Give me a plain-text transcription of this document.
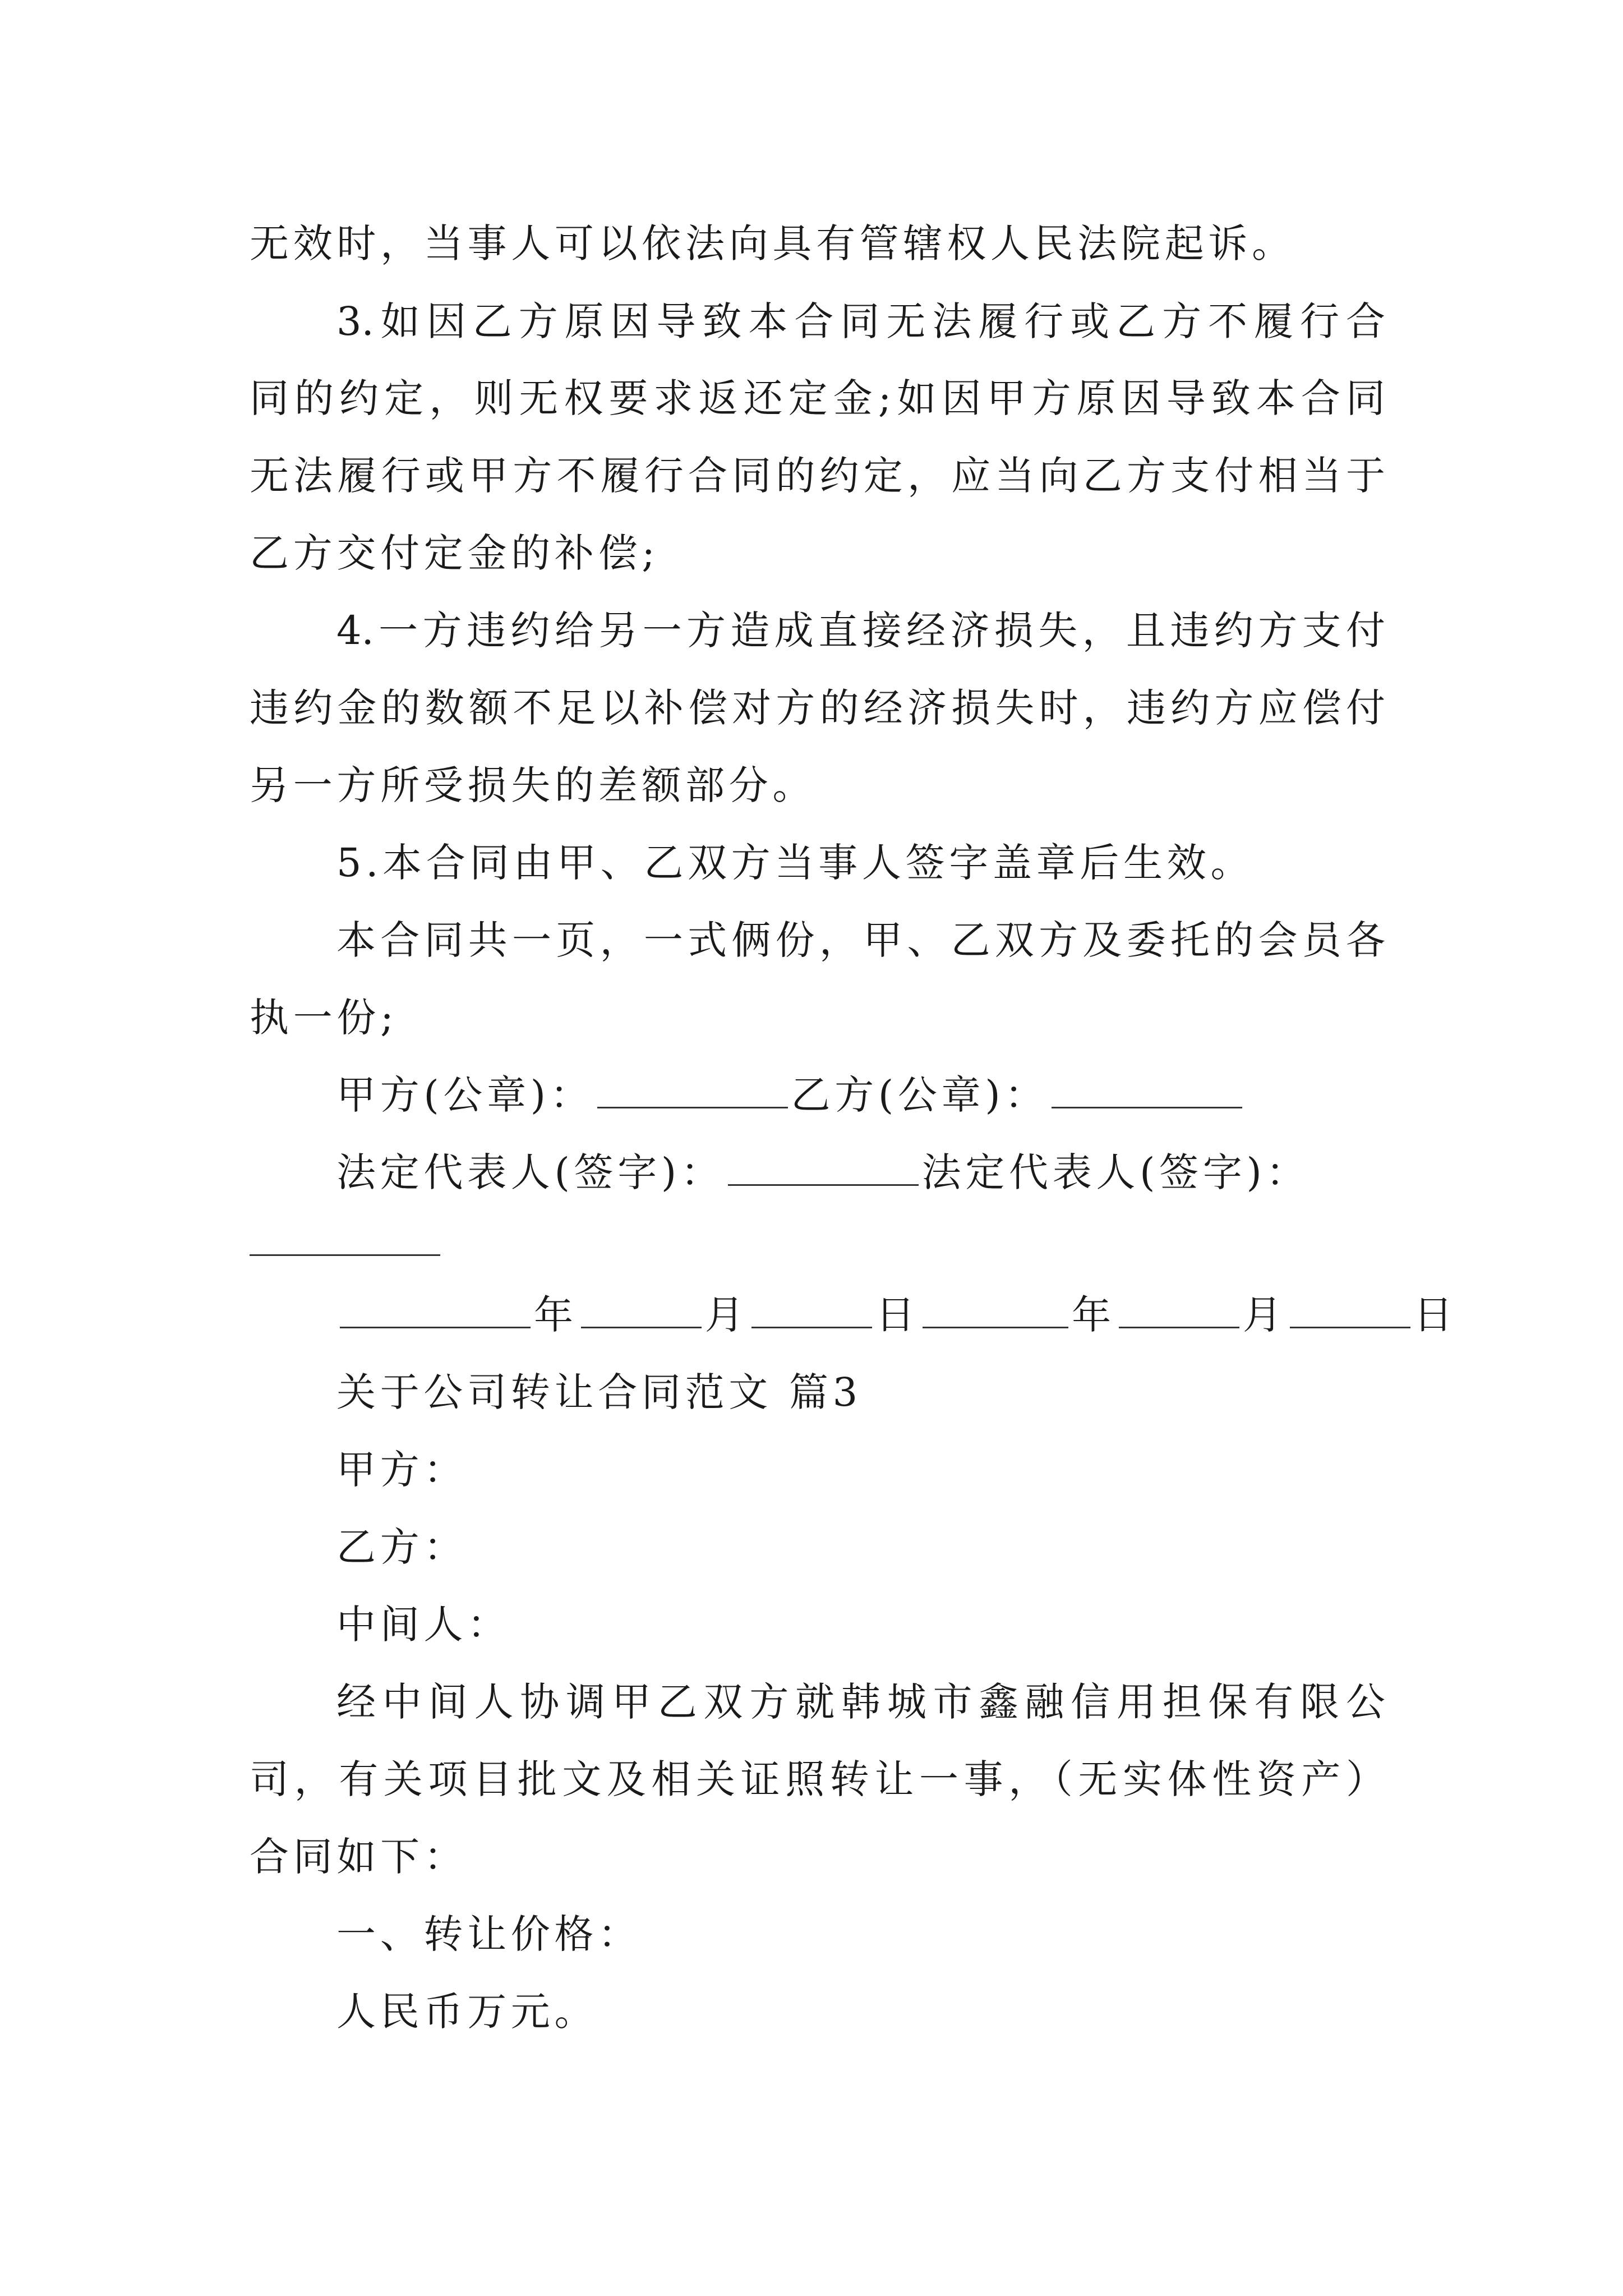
无效时，当事人可以依法向具有管辖权人民法院起诉。
3.如因乙方原因导致本合同无法履行或乙方不履行合
同的约定，则无权要求返还定金;如因甲方原因导致本合同
无法履行或甲方不履行合同的约定，应当向乙方支付相当于
乙方交付定金的补偿;
4.一方违约给另一方造成直接经济损失，且违约方支付
违约金的数额不足以补偿对方的经济损失时，违约方应偿付
另一方所受损失的差额部分。
5.本合同由甲、乙双方当事人签字盖章后生效。
本合同共一页，一式俩份，甲、乙双方及委托的会员各
执一份;
甲方(公章)：	乙方(公章)：
法定代表人(签字)：	法定代表人(签字)：
年	月	日	年	月	日
关于公司转让合同范文 篇3
甲方：
乙方：
中间人：
经中间人协调甲乙双方就韩城市鑫融信用担保有限公
司，有关项目批文及相关证照转让一事，（无实体性资产）
合同如下：
一、转让价格：
人民币万元。
